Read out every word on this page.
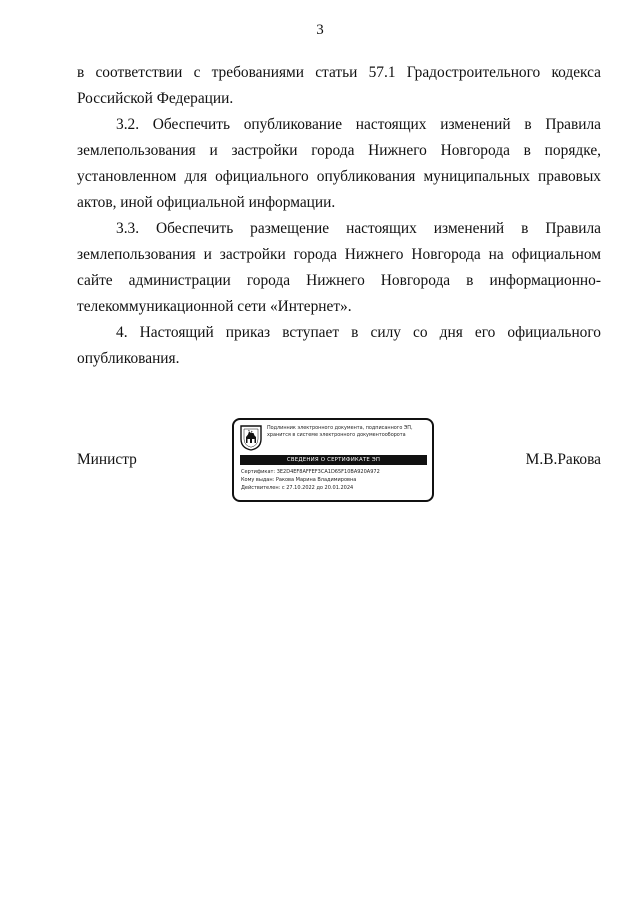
3

в соответствии с требованиями статьи 57.1 Градостроительного кодекса Российской Федерации.

3.2. Обеспечить опубликование настоящих изменений в Правила землепользования и застройки города Нижнего Новгорода в порядке, установленном для официального опубликования муниципальных правовых актов, иной официальной информации.

3.3. Обеспечить размещение настоящих изменений в Правила землепользования и застройки города Нижнего Новгорода на официальном сайте администрации города Нижнего Новгорода в информационно-телекоммуникационной сети «Интернет».

4. Настоящий приказ вступает в силу со дня его официального опубликования.

Министр
Подлинник электронного документа, подписанного ЭП,
хранится в системе электронного документооборота
СВЕДЕНИЯ О СЕРТИФИКАТЕ ЭП
Сертификат: 3E2D4EF8AFFEF3CA1D65F10BA920A972
Кому выдан: Ракова Марина Владимировна
Действителен: с 27.10.2022 до 20.01.2024
М.В.Ракова
